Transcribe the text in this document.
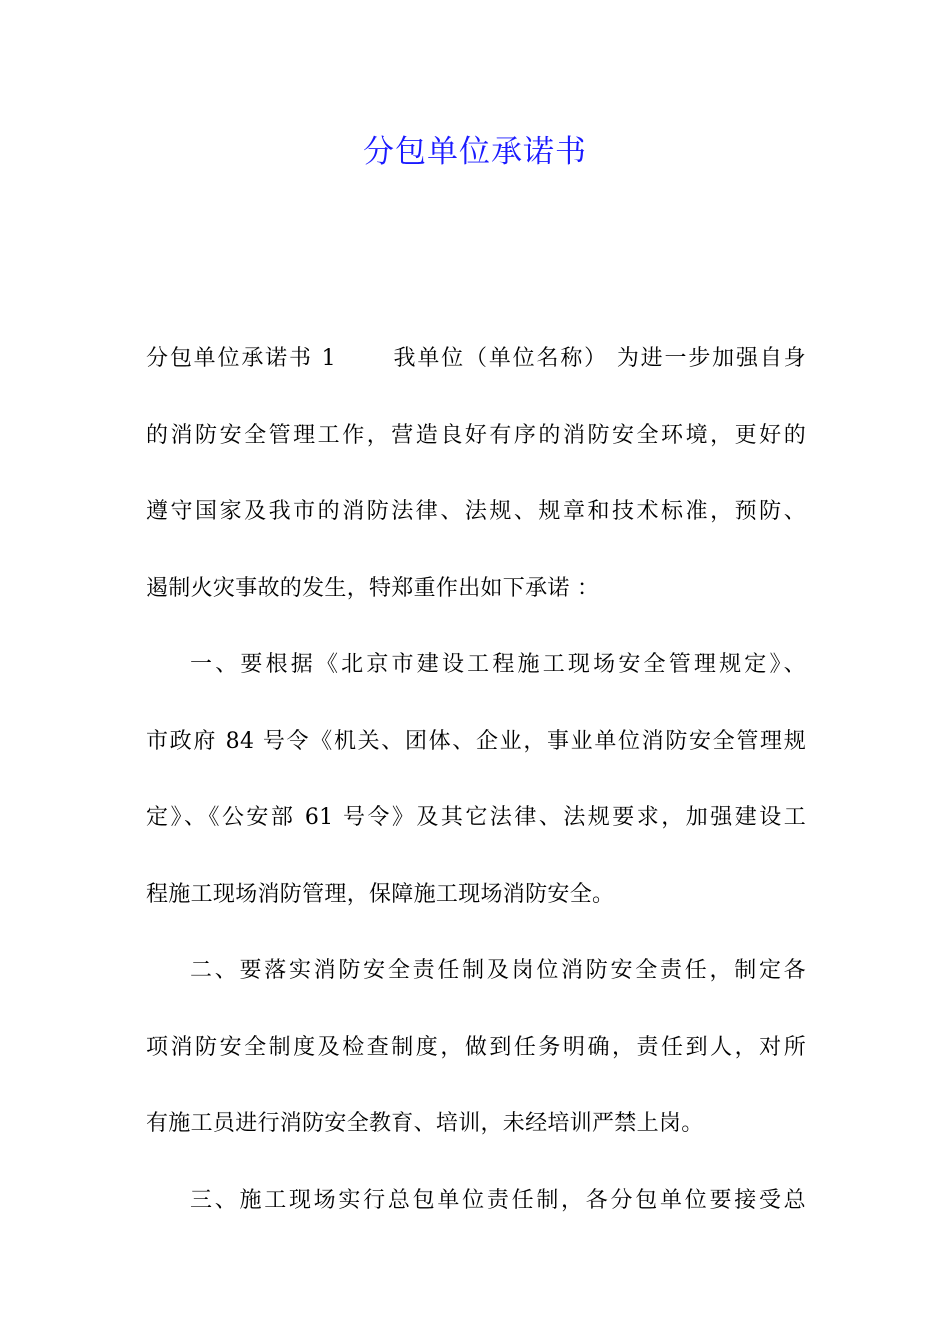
分包单位承诺书
分包单位承诺书 1	我单位（单位名称） 为进一步加强自身
的消防安全管理工作，营造良好有序的消防安全环境，更好的
遵守国家及我市的消防法律、法规、规章和技术标准，预防、
遏制火灾事故的发生，特郑重作出如下承诺 ：
一、要根据《北京市建设工程施工现场安全管理规定》、
市政府 84 号令《机关、团体、企业，事业单位消防安全管理规
定》、《公安部 61 号令》及其它法律、法规要求，加强建设工
程施工现场消防管理，保障施工现场消防安全。
二、要落实消防安全责任制及岗位消防安全责任，制定各
项消防安全制度及检查制度，做到任务明确，责任到人，对所
有施工员进行消防安全教育、培训，未经培训严禁上岗。
三、施工现场实行总包单位责任制，各分包单位要接受总
